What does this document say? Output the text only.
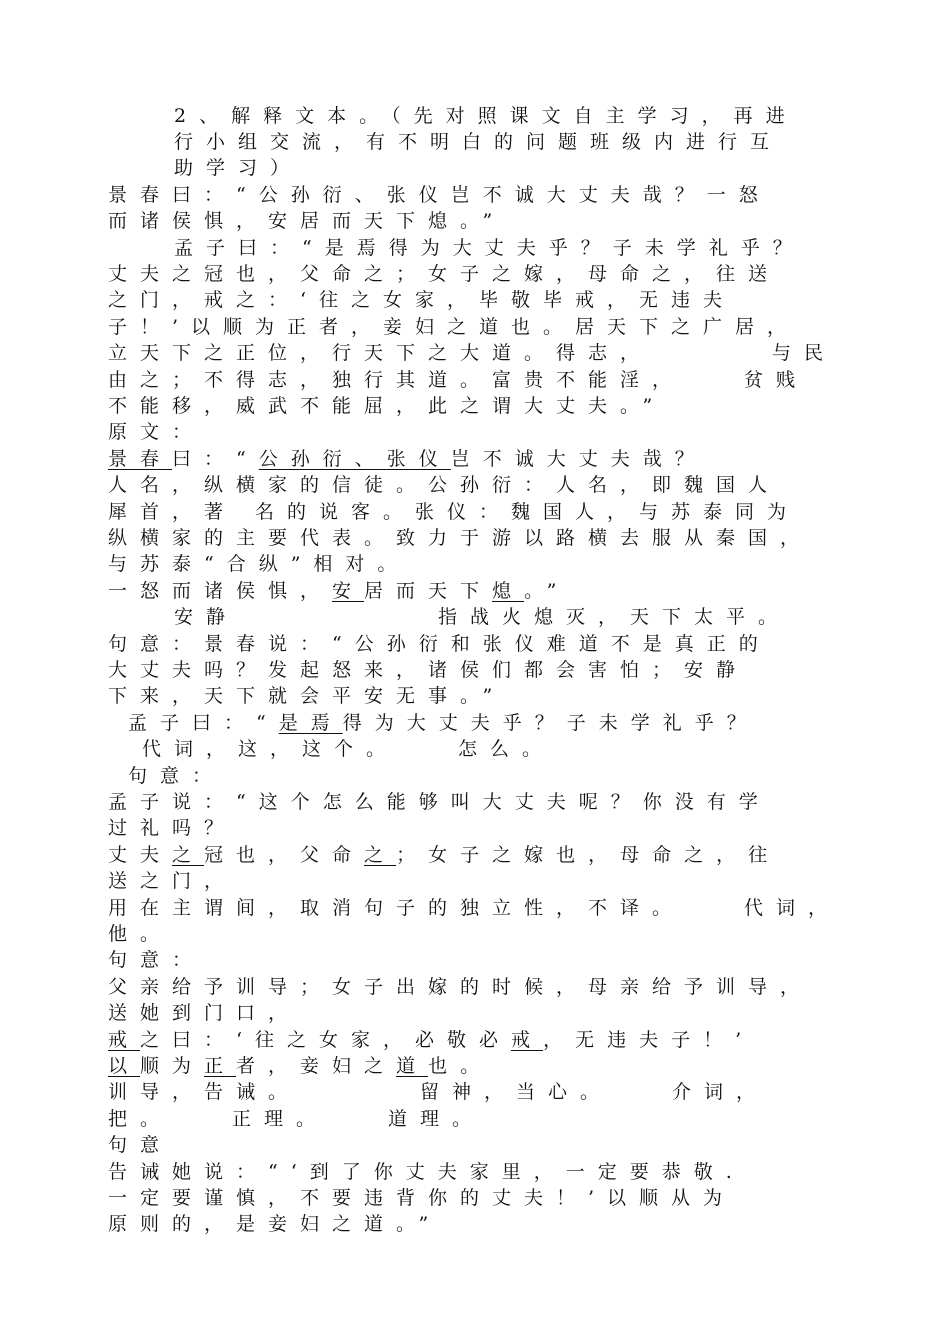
2、解释文本。（先对照课文自主学习，再进
行小组交流，有不明白的问题班级内进行互
助学习）
景春曰：“公孙衍、张仪岂不诚大丈夫哉？一怒
而诸侯惧，安居而天下熄。”
孟子曰：“是焉得为大丈夫乎？子未学礼乎？
丈夫之冠也，父命之；女子之嫁，母命之，往送
之门，戒之：‘往之女家，毕敬毕戒，无违夫
子！’以顺为正者，妾妇之道也。居天下之广居，
立天下之正位，行天下之大道。得志，	与民
由之；不得志，独行其道。富贵不能淫，	贫贱
不能移，威武不能屈，此之谓大丈夫。”
原文：
景春曰：“公孙衍、张仪岂不诚大丈夫哉？
人名，纵横家的信徒。公孙衍：人名，即魏国人
犀首，著 名的说客。张仪：魏国人，与苏泰同为
纵横家的主要代表。致力于游以路横去服从秦国，
与苏泰“合纵”相对。
一怒而诸侯惧，安居而天下熄。”
安静	指战火熄灭，天下太平。
句意：景春说：“公孙衍和张仪难道不是真正的
大丈夫吗？发起怒来，诸侯们都会害怕；安静
下来，天下就会平安无事。”
孟子曰：“是焉得为大丈夫乎？子未学礼乎？
代词，这，这个。	怎么。
句意：
孟子说：“这个怎么能够叫大丈夫呢？你没有学
过礼吗？
丈夫之冠也，父命之；女子之嫁也，母命之，往
送之门，
用在主谓间，取消句子的独立性，不译。	代词，
他。
句意：
父亲给予训导；女子出嫁的时候，母亲给予训导，
送她到门口，
戒之曰：‘往之女家，必敬必戒，无违夫子！’
以顺为正者，妾妇之道也。
训导，告诫。	留神，当心。	介词，
把。	正理。	道理。
句意
告诫她说：“‘到了你丈夫家里，一定要恭敬.
一定要谨慎，不要违背你的丈夫！’以顺从为
原则的，是妾妇之道。”
